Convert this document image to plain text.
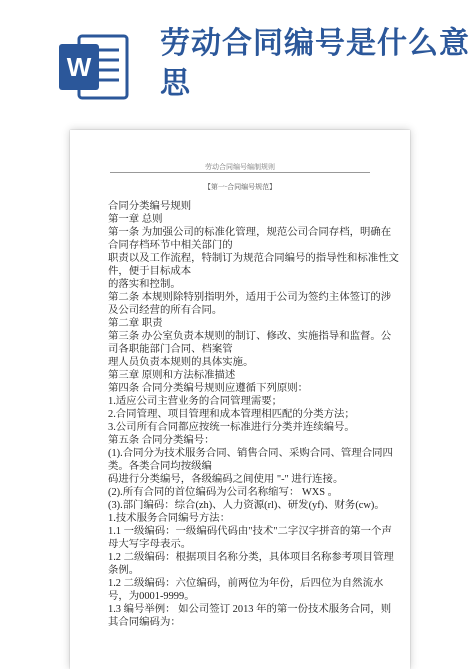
W
劳动合同编号是什么意思
劳动合同编号编制规则
【第一·合同编号规范】
合同分类编号规则
第一章 总则
第一条 为加强公司的标准化管理，规范公司合同存档，明确在合同存档环节中相关部门的
职责以及工作流程，特制订为规范合同编号的指导性和标准性文件，便于目标成本
的落实和控制。
第二条 本规则除特别指明外，适用于公司为签约主体签订的涉及公司经营的所有合同。
第二章 职责
第三条 办公室负责本规则的制订、修改、实施指导和监督。公司各职能部门合同、档案管
理人员负责本规则的具体实施。
第三章 原则和方法标准描述
第四条 合同分类编号规则应遵循下列原则：
1.适应公司主营业务的合同管理需要；
2.合同管理、项目管理和成本管理相匹配的分类方法；
3.公司所有合同都应按统一标准进行分类并连续编号。
第五条 合同分类编号：
(1).合同分为技术服务合同、销售合同、采购合同、管理合同四类。各类合同均按级编
码进行分类编号，各级编码之间使用 "-" 进行连接。
(2).所有合同的首位编码为公司名称缩写： WXS 。
(3).部门编码：综合(zh)、人力资源(rl)、研发(yf)、财务(cw)。
1.技术服务合同编号方法：
1.1 一级编码：一级编码代码由"技术"二字汉字拼音的第一个声母大写字母表示。
1.2 二级编码：根据项目名称分类，具体项目名称参考项目管理条例。
1.2 二级编码：六位编码，前两位为年份，后四位为自然流水号，为0001-9999。
1.3 编号举例： 如公司签订 2013 年的第一份技术服务合同，则其合同编码为：
